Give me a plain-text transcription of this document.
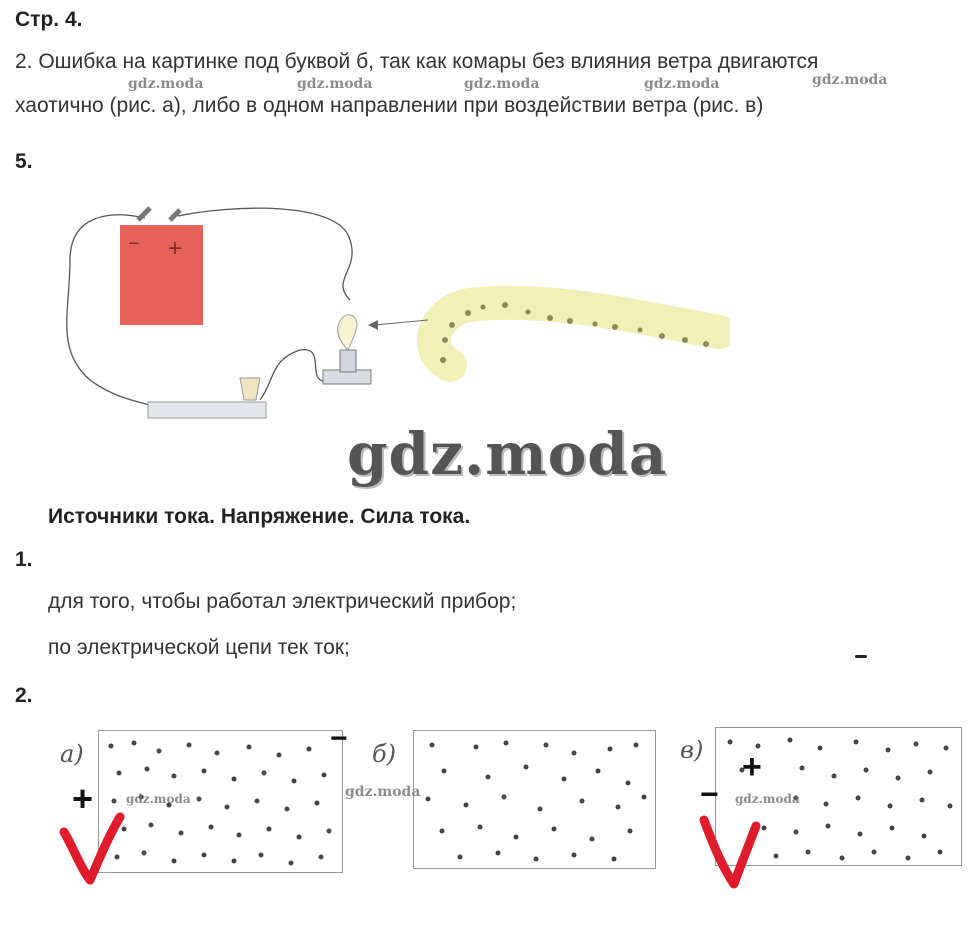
Стр. 4.
2. Ошибка на картинке под буквой б, так как комары без влияния ветра двигаются
хаотично (рис. а), либо в одном направлении при воздействии ветра (рис. в)
gdz.moda	gdz.moda	gdz.moda	gdz.moda	gdz.moda
5.
− +
gdz.moda
Источники тока. Напряжение. Сила тока.
1.
для того, чтобы работал электрический прибор;
по электрической цепи тек ток;
2.
а)	−
+	gdz.moda
б)
gdz.moda
в) +
− gdz.moda
